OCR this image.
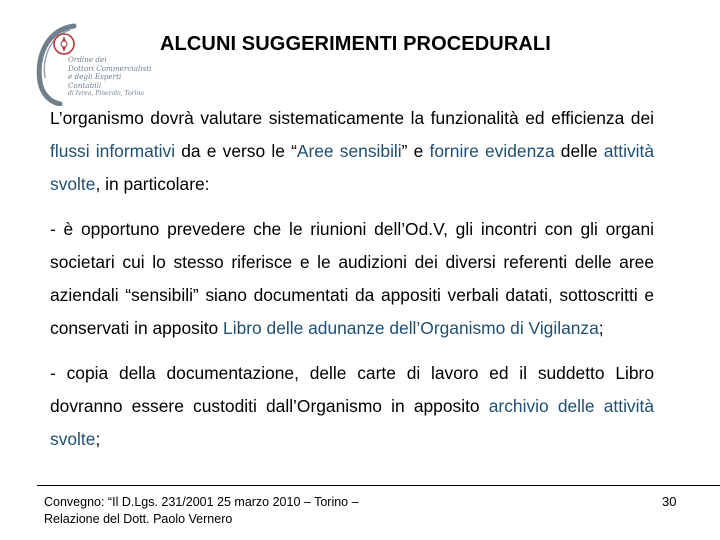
Ordine dei
Dottori Commercialisti
e degli Esperti Contabili
di Ivrea, Pinerolo, Torino
ALCUNI SUGGERIMENTI PROCEDURALI

L’organismo dovrà valutare sistematicamente la funzionalità ed efficienza dei flussi informativi da e verso le “Aree sensibili” e fornire evidenza delle attività svolte, in particolare:

- è opportuno prevedere che le riunioni dell’Od.V, gli incontri con gli organi societari cui lo stesso riferisce e le audizioni dei diversi referenti delle aree aziendali “sensibili” siano documentati da appositi verbali datati, sottoscritti e conservati in apposito Libro delle adunanze dell’Organismo di Vigilanza;

- copia della documentazione, delle carte di lavoro ed il suddetto Libro dovranno essere custoditi dall’Organismo in apposito archivio delle attività svolte;

Convegno: “Il D.Lgs. 231/2001 25 marzo 2010 – Torino –
Relazione del Dott. Paolo Vernero
30
